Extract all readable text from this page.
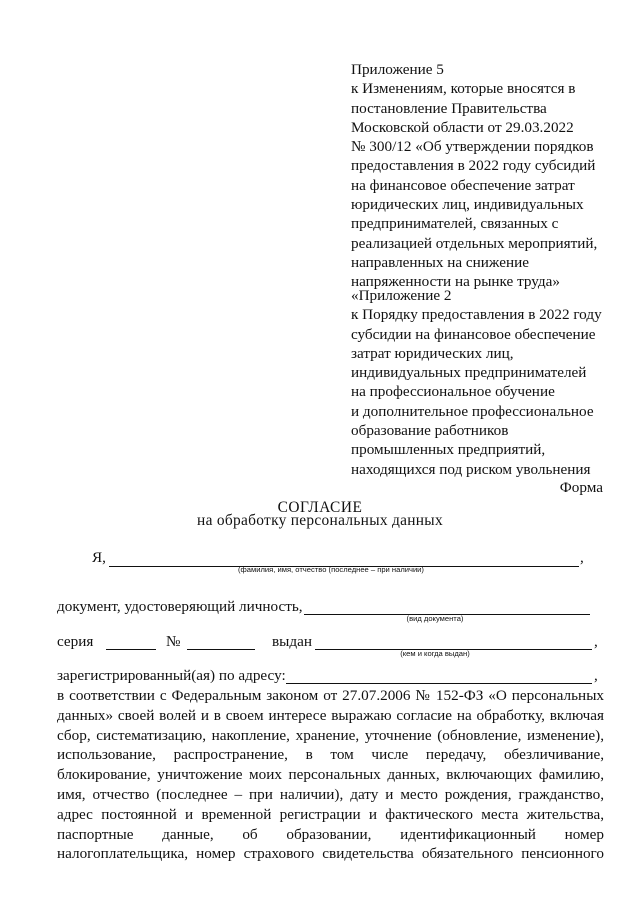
Приложение 5
к Изменениям, которые вносятся в
постановление Правительства
Московской области от 29.03.2022
№ 300/12 «Об утверждении порядков
предоставления в 2022 году субсидий
на финансовое обеспечение затрат
юридических лиц, индивидуальных
предпринимателей, связанных с
реализацией отдельных мероприятий,
направленных на снижение
напряженности на рынке труда»
«Приложение 2
к Порядку предоставления в 2022 году
субсидии на финансовое обеспечение
затрат юридических лиц,
индивидуальных предпринимателей
на профессиональное обучение
и дополнительное профессиональное
образование работников
промышленных предприятий,
находящихся под риском увольнения
Форма
СОГЛАСИЕ
на обработку персональных данных
Я,	,
(фамилия, имя, отчество (последнее – при наличии)
документ, удостоверяющий личность,
(вид документа)
серия	№	выдан	,
(кем и когда выдан)
зарегистрированный(ая) по адресу:	,
в соответствии с Федеральным законом от 27.07.2006 № 152-ФЗ «О персональных
данных» своей волей и в своем интересе выражаю согласие на обработку, включая
сбор, систематизацию, накопление, хранение, уточнение (обновление, изменение),
использование, распространение, в том числе передачу, обезличивание,
блокирование, уничтожение моих персональных данных, включающих фамилию,
имя, отчество (последнее – при наличии), дату и место рождения, гражданство,
адрес постоянной и временной регистрации и фактического места жительства,
паспортные данные, об образовании, идентификационный номер
налогоплательщика, номер страхового свидетельства обязательного пенсионного
